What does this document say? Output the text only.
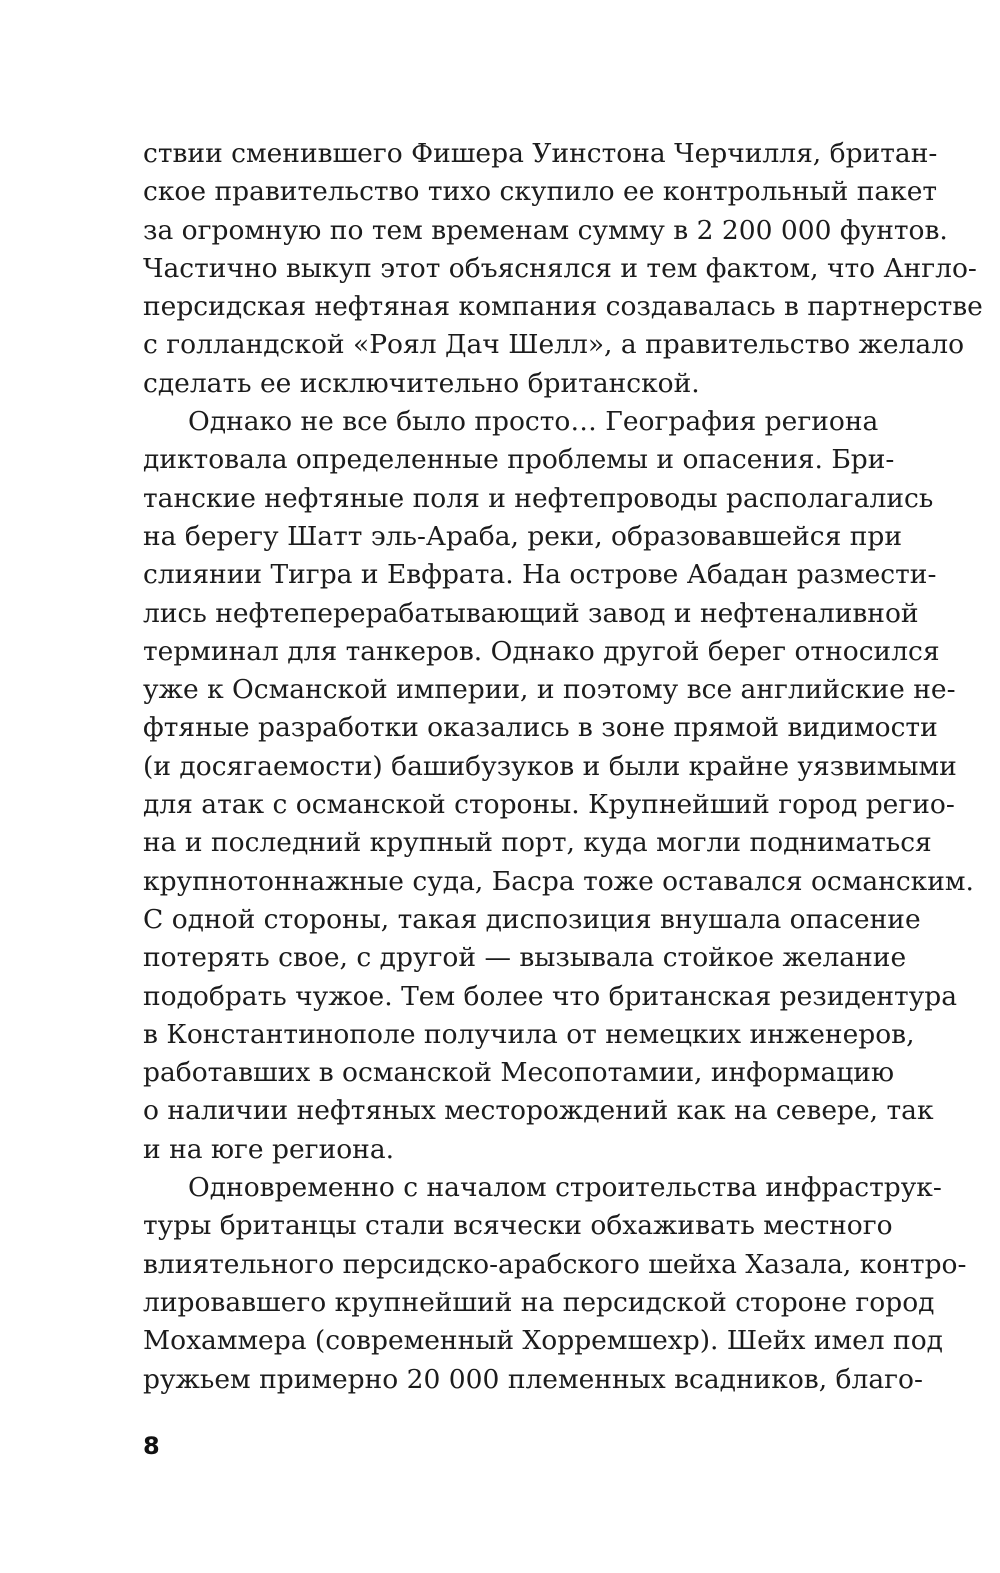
ствии сменившего Фишера Уинстона Черчилля, британ-
ское правительство тихо скупило ее контрольный пакет
за огромную по тем временам сумму в 2 200 000 фунтов.
Частично выкуп этот объяснялся и тем фактом, что Англо-
персидская нефтяная компания создавалась в партнерстве
с голландской «Роял Дач Шелл», а правительство желало
сделать ее исключительно британской.
Однако не все было просто… География региона
диктовала определенные проблемы и опасения. Бри-
танские нефтяные поля и нефтепроводы располагались
на берегу Шатт эль-Араба, реки, образовавшейся при
слиянии Тигра и Евфрата. На острове Абадан размести-
лись нефтеперерабатывающий завод и нефтеналивной
терминал для танкеров. Однако другой берег относился
уже к Османской империи, и поэтому все английские не-
фтяные разработки оказались в зоне прямой видимости
(и досягаемости) башибузуков и были крайне уязвимыми
для атак с османской стороны. Крупнейший город регио-
на и последний крупный порт, куда могли подниматься
крупнотоннажные суда, Басра тоже оставался османским.
С одной стороны, такая диспозиция внушала опасение
потерять свое, с другой — вызывала стойкое желание
подобрать чужое. Тем более что британская резидентура
в Константинополе получила от немецких инженеров,
работавших в османской Месопотамии, информацию
о наличии нефтяных месторождений как на севере, так
и на юге региона.
Одновременно с началом строительства инфраструк-
туры британцы стали всячески обхаживать местного
влиятельного персидско-арабского шейха Хазала, контро-
лировавшего крупнейший на персидской стороне город
Мохаммера (современный Хорремшехр). Шейх имел под
ружьем примерно 20 000 племенных всадников, благо-
8
